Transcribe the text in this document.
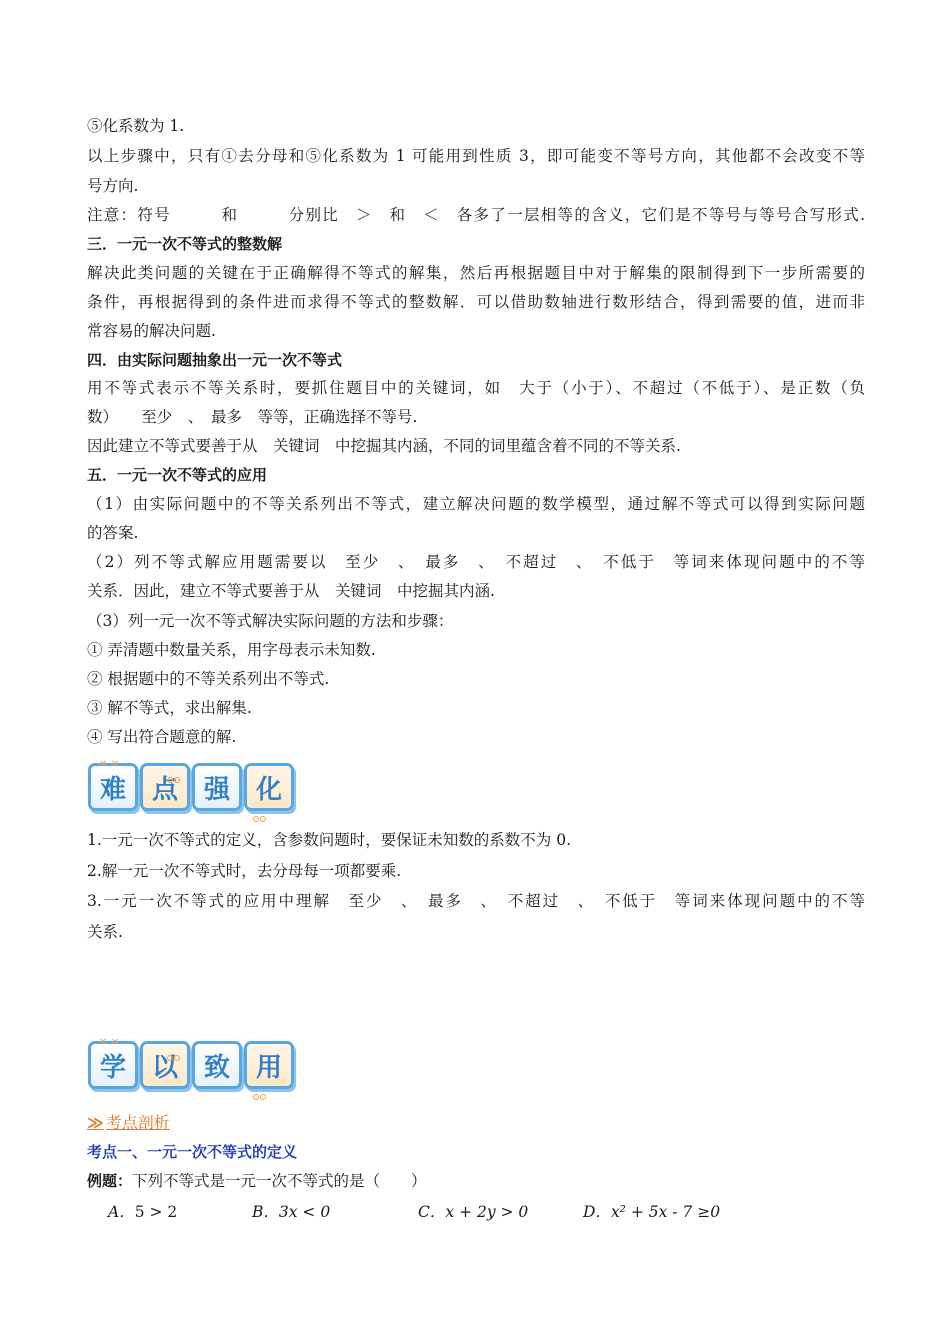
⑤化系数为 1.
以上步骤中，只有①去分母和⑤化系数为 1 可能用到性质 3，即可能变不等号方向，其他都不会改变不等
号方向.
注意：符号　　　和　　　分别比　＞　和　＜　各多了一层相等的含义，它们是不等号与等号合写形式.
三．一元一次不等式的整数解
解决此类问题的关键在于正确解得不等式的解集，然后再根据题目中对于解集的限制得到下一步所需要的
条件，再根据得到的条件进而求得不等式的整数解．可以借助数轴进行数形结合，得到需要的值，进而非
常容易的解决问题.
四．由实际问题抽象出一元一次不等式
用不等式表示不等关系时，要抓住题目中的关键词，如　大于（小于）、不超过（不低于）、是正数（负
数）　　至少　、　最多　等等，正确选择不等号.
因此建立不等式要善于从　关键词　中挖掘其内涵，不同的词里蕴含着不同的不等关系.
五．一元一次不等式的应用
（1）由实际问题中的不等关系列出不等式，建立解决问题的数学模型，通过解不等式可以得到实际问题
的答案.
（2）列不等式解应用题需要以　至少　、　最多　、　不超过　、　不低于　等词来体现问题中的不等
关系．因此，建立不等式要善于从　关键词　中挖掘其内涵.
（3）列一元一次不等式解决实际问题的方法和步骤：
① 弄清题中数量关系，用字母表示未知数.
② 根据题中的不等关系列出不等式.
③ 解不等式，求出解集.
④ 写出符合题意的解.
✕ ✕
难 点 强 化
1.一元一次不等式的定义，含参数问题时，要保证未知数的系数不为 0.
2.解一元一次不等式时，去分母每一项都要乘.
3.一元一次不等式的应用中理解　至少　、　最多　、　不超过　、　不低于　等词来体现问题中的不等
关系.
✕ ✕
学 以 致 用
≫ 考点剖析
考点一、一元一次不等式的定义
例题：下列不等式是一元一次不等式的是（　　）
A．5 > 2	B．3x < 0	C．x + 2y > 0	D．x² + 5x - 7 ≥0
